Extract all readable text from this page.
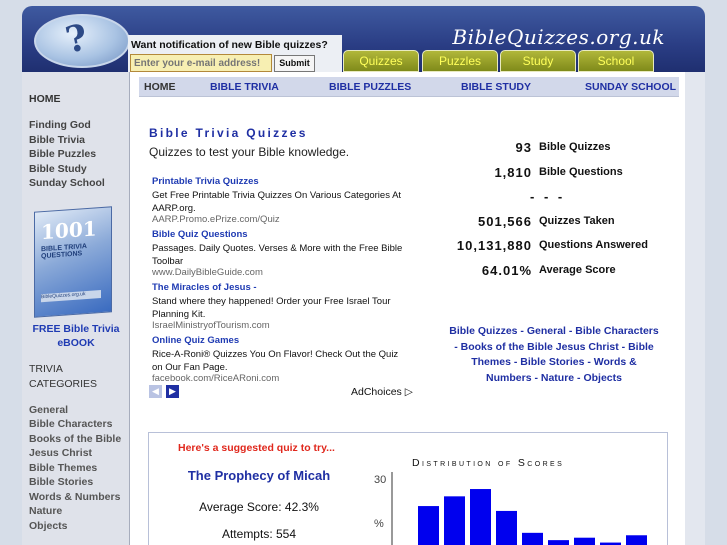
BibleQuizzes.org.uk
?	Want notification of new Bible quizzes?
Enter your e-mail address!
Submit	Quizzes	Puzzles	Study	School
HOME
Finding God
Bible Trivia
Bible Puzzles
Bible Study
Sunday School
1001
BIBLE TRIVIA QUESTIONS
BibleQuizzes.org.uk
FREE Bible Trivia eBOOK
TRIVIA CATEGORIES
General
Bible Characters
Books of the Bible
Jesus Christ
Bible Themes
Bible Stories
Words & Numbers
Nature
Objects
HOME	BIBLE TRIVIA	BIBLE PUZZLES	BIBLE STUDY	SUNDAY SCHOOL
Bible Trivia Quizzes
Quizzes to test your Bible knowledge.
Printable Trivia Quizzes
Get Free Printable Trivia Quizzes On Various Categories At AARP.org.
AARP.Promo.ePrize.com/Quiz
Bible Quiz Questions
Passages. Daily Quotes. Verses & More with the Free Bible Toolbar
www.DailyBibleGuide.com
The Miracles of Jesus -
Stand where they happened! Order your Free Israel Tour Planning Kit.
IsraelMinistryofTourism.com
Online Quiz Games
Rice-A-Roni® Quizzes You On Flavor! Check Out the Quiz on Our Fan Page.
facebook.com/RiceARoni.com
◀	▶	AdChoices ▷
93 Bible Quizzes
1,810 Bible Questions
- - -
501,566 Quizzes Taken
10,131,880 Questions Answered
64.01% Average Score
Bible Quizzes - General - Bible Characters - Books of the Bible Jesus Christ - Bible Themes - Bible Stories - Words & Numbers - Nature - Objects
Here's a suggested quiz to try...
The Prophecy of Micah
Average Score: 42.3%
Attempts: 554
Distribution of Scores
30
%
